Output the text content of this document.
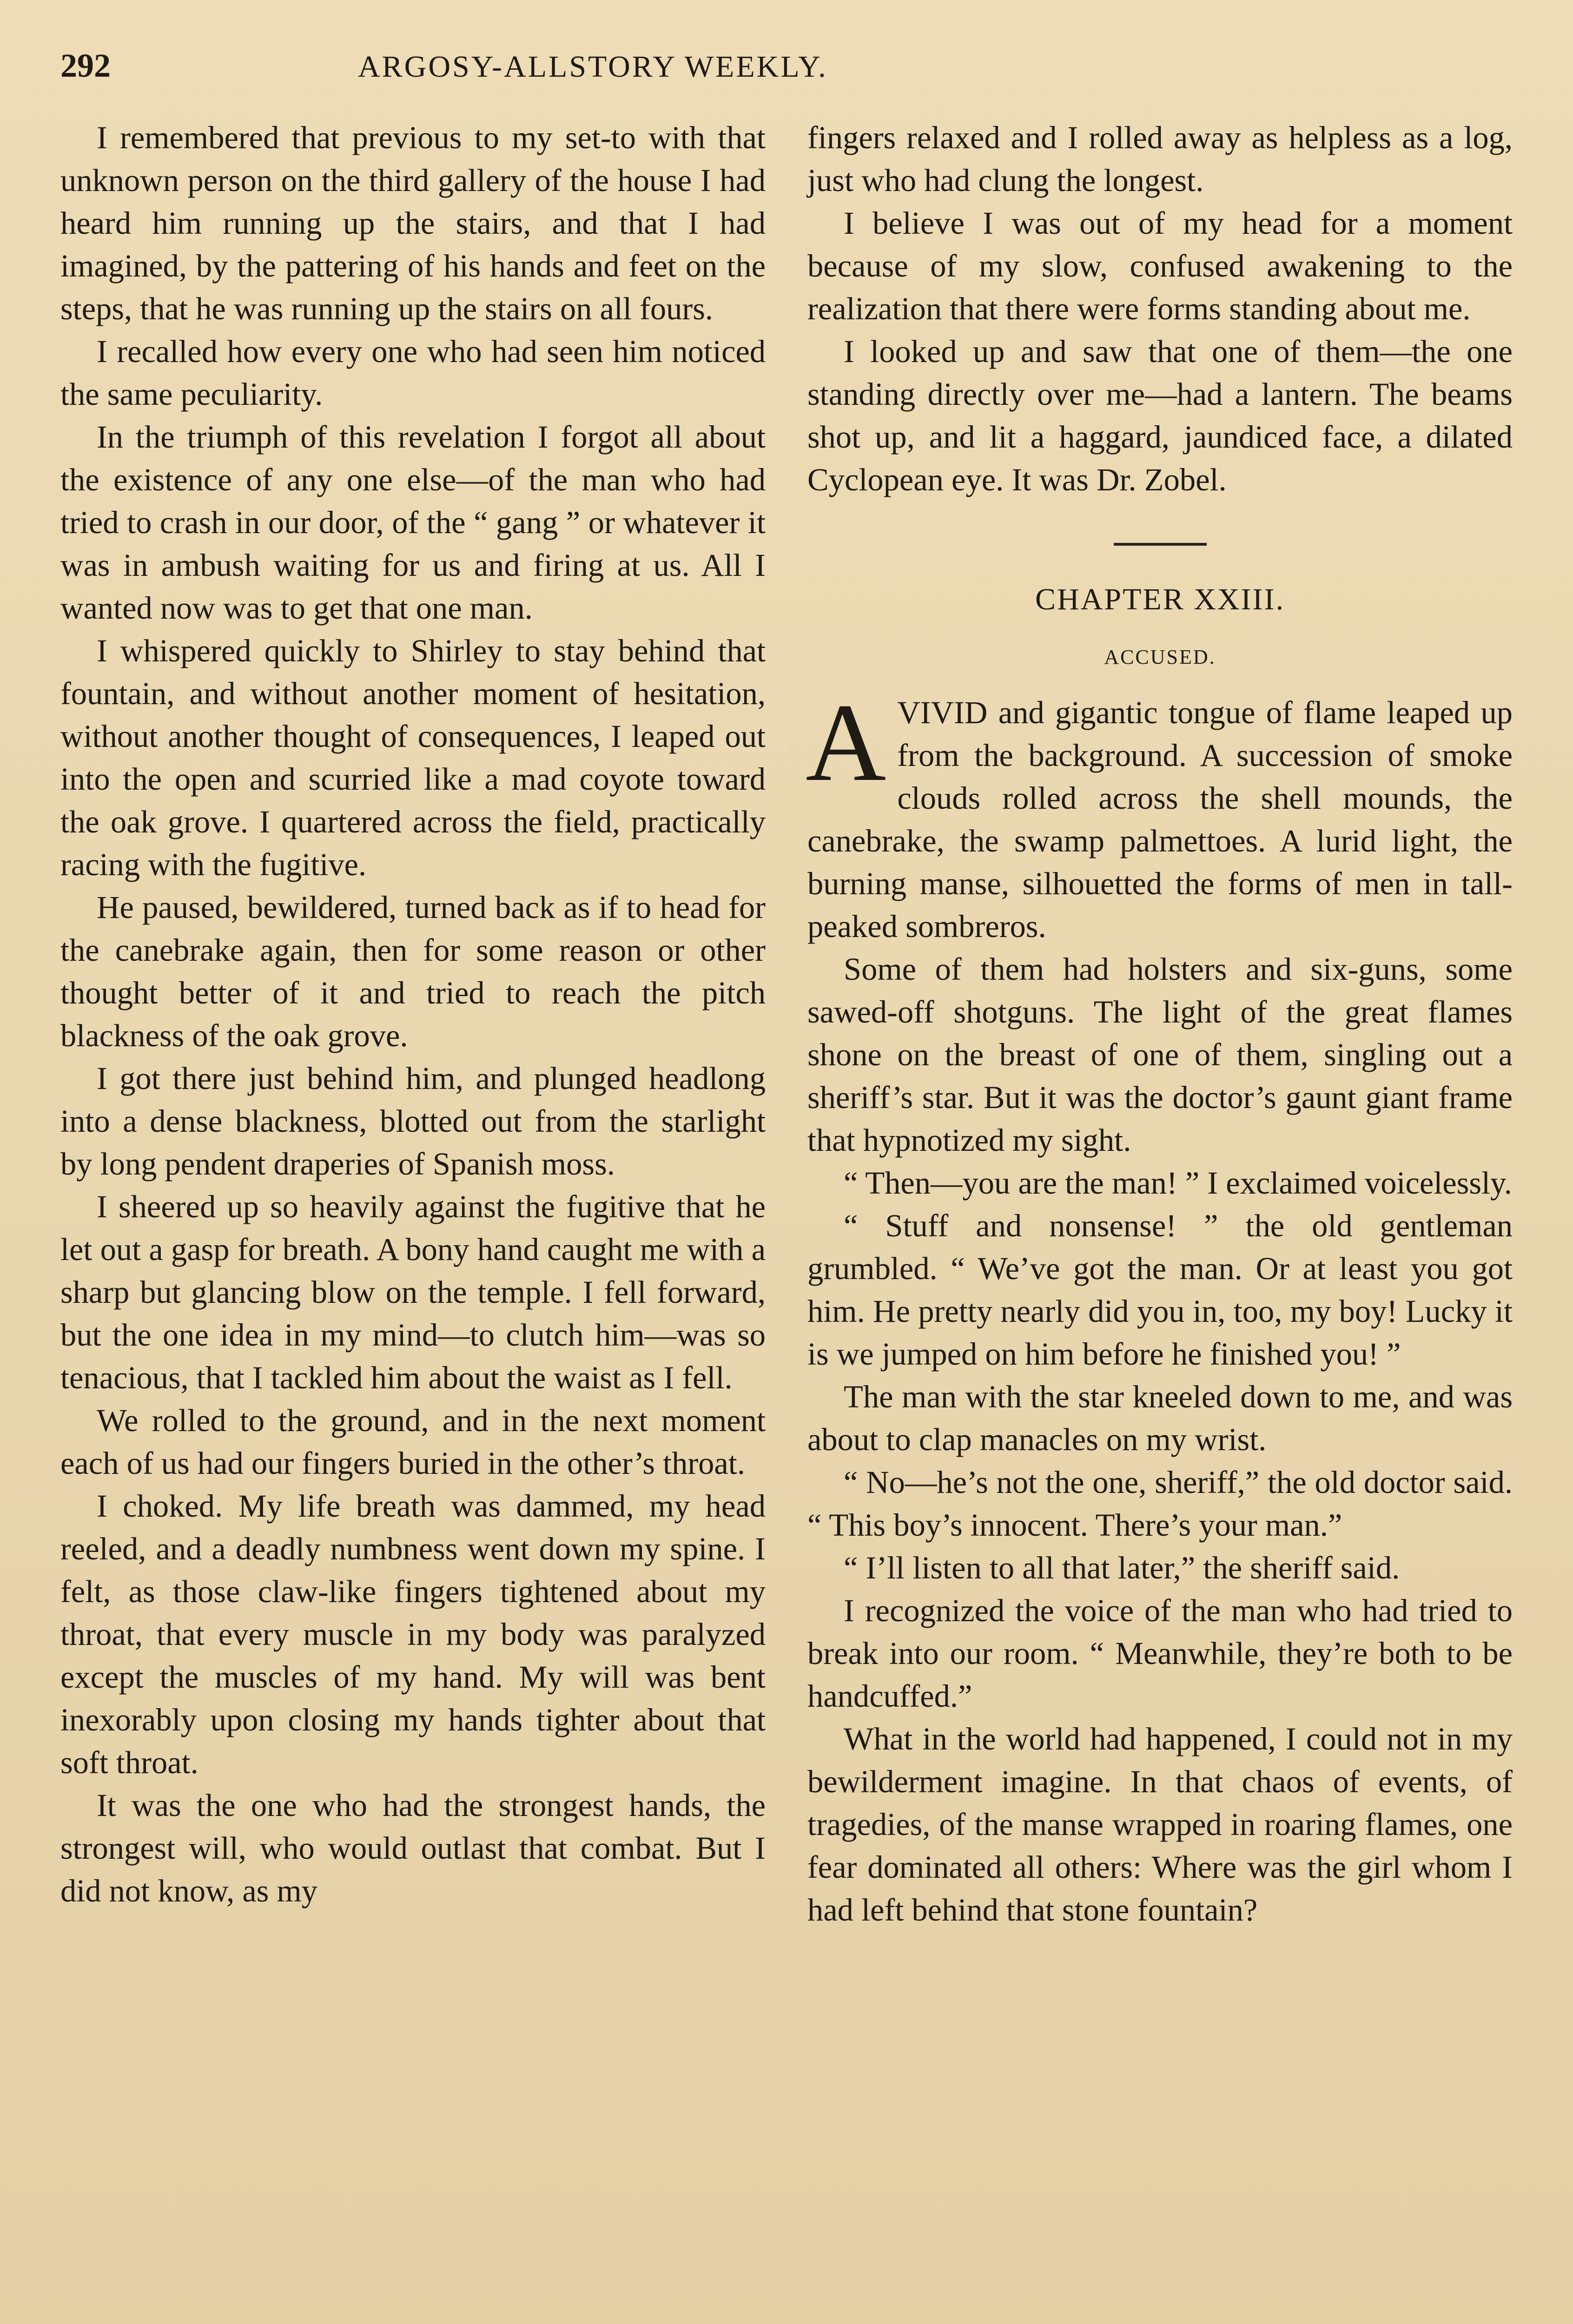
292	ARGOSY-ALLSTORY WEEKLY.

I remembered that previous to my set-to with that unknown person on the third gallery of the house I had heard him running up the stairs, and that I had imagined, by the pattering of his hands and feet on the steps, that he was running up the stairs on all fours.

I recalled how every one who had seen him noticed the same peculiarity.

In the triumph of this revelation I forgot all about the existence of any one else—of the man who had tried to crash in our door, of the “ gang ” or whatever it was in ambush waiting for us and firing at us. All I wanted now was to get that one man.

I whispered quickly to Shirley to stay behind that fountain, and without another moment of hesitation, without another thought of consequences, I leaped out into the open and scurried like a mad coyote toward the oak grove. I quartered across the field, practically racing with the fugitive.

He paused, bewildered, turned back as if to head for the canebrake again, then for some reason or other thought better of it and tried to reach the pitch blackness of the oak grove.

I got there just behind him, and plunged headlong into a dense blackness, blotted out from the starlight by long pendent draperies of Spanish moss.

I sheered up so heavily against the fugitive that he let out a gasp for breath. A bony hand caught me with a sharp but glancing blow on the temple. I fell forward, but the one idea in my mind—to clutch him—was so tenacious, that I tackled him about the waist as I fell.

We rolled to the ground, and in the next moment each of us had our fingers buried in the other’s throat.

I choked. My life breath was dammed, my head reeled, and a deadly numbness went down my spine. I felt, as those claw-like fingers tightened about my throat, that every muscle in my body was paralyzed except the muscles of my hand. My will was bent inexorably upon closing my hands tighter about that soft throat.

It was the one who had the strongest hands, the strongest will, who would outlast that combat. But I did not know, as my

fingers relaxed and I rolled away as helpless as a log, just who had clung the longest.

I believe I was out of my head for a moment because of my slow, confused awakening to the realization that there were forms standing about me.

I looked up and saw that one of them—the one standing directly over me—had a lantern. The beams shot up, and lit a haggard, jaundiced face, a dilated Cyclopean eye. It was Dr. Zobel.

CHAPTER XXIII.
ACCUSED.

AVIVID and gigantic tongue of flame leaped up from the background. A succession of smoke clouds rolled across the shell mounds, the canebrake, the swamp palmettoes. A lurid light, the burning manse, silhouetted the forms of men in tall-peaked sombreros.

Some of them had holsters and six-guns, some sawed-off shotguns. The light of the great flames shone on the breast of one of them, singling out a sheriff’s star. But it was the doctor’s gaunt giant frame that hypnotized my sight.

“ Then—you are the man! ” I exclaimed voicelessly.

“ Stuff and nonsense! ” the old gentleman grumbled. “ We’ve got the man. Or at least you got him. He pretty nearly did you in, too, my boy! Lucky it is we jumped on him before he finished you! ”

The man with the star kneeled down to me, and was about to clap manacles on my wrist.

“ No—he’s not the one, sheriff,” the old doctor said. “ This boy’s innocent. There’s your man.”

“ I’ll listen to all that later,” the sheriff said.

I recognized the voice of the man who had tried to break into our room. “ Meanwhile, they’re both to be handcuffed.”

What in the world had happened, I could not in my bewilderment imagine. In that chaos of events, of tragedies, of the manse wrapped in roaring flames, one fear dominated all others: Where was the girl whom I had left behind that stone fountain?
